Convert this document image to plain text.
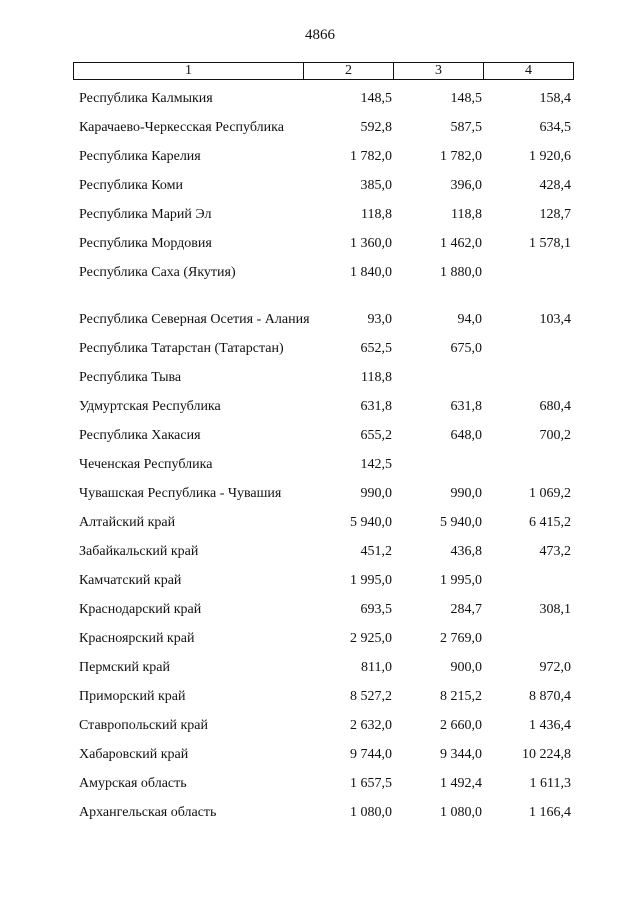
4866
1	2	3	4
Республика Калмыкия	148,5	148,5	158,4
Карачаево-Черкесская Республика	592,8	587,5	634,5
Республика Карелия	1 782,0	1 782,0	1 920,6
Республика Коми	385,0	396,0	428,4
Республика Марий Эл	118,8	118,8	128,7
Республика Мордовия	1 360,0	1 462,0	1 578,1
Республика Саха (Якутия)	1 840,0	1 880,0
Республика Северная Осетия - Алания	93,0	94,0	103,4
Республика Татарстан (Татарстан)	652,5	675,0
Республика Тыва	118,8
Удмуртская Республика	631,8	631,8	680,4
Республика Хакасия	655,2	648,0	700,2
Чеченская Республика	142,5
Чувашская Республика - Чувашия	990,0	990,0	1 069,2
Алтайский край	5 940,0	5 940,0	6 415,2
Забайкальский край	451,2	436,8	473,2
Камчатский край	1 995,0	1 995,0
Краснодарский край	693,5	284,7	308,1
Красноярский край	2 925,0	2 769,0
Пермский край	811,0	900,0	972,0
Приморский край	8 527,2	8 215,2	8 870,4
Ставропольский край	2 632,0	2 660,0	1 436,4
Хабаровский край	9 744,0	9 344,0	10 224,8
Амурская область	1 657,5	1 492,4	1 611,3
Архангельская область	1 080,0	1 080,0	1 166,4
